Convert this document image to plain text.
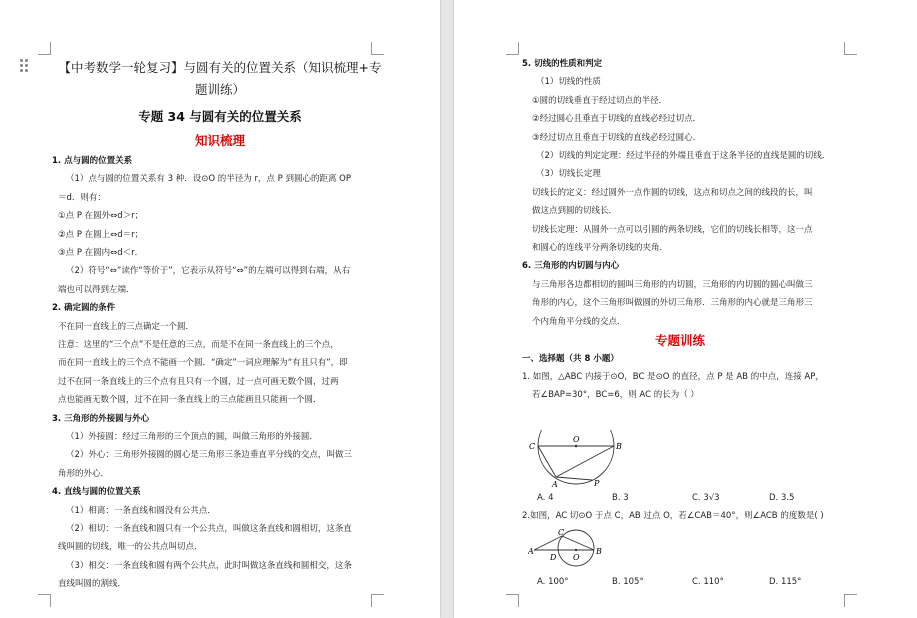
【中考数学一轮复习】与圆有关的位置关系（知识梳理+专
题训练）
专题 34 与圆有关的位置关系
知识梳理
1. 点与圆的位置关系
（1）点与圆的位置关系有 3 种．设⊙O 的半径为 r，点 P 到圆心的距离 OP
＝d．则有：
①点 P 在圆外⇔d＞r；
②点 P 在圆上⇔d＝r；
③点 P 在圆内⇔d＜r．
（2）符号“⇔”读作“等价于”，它表示从符号“⇔”的左端可以得到右端，从右
端也可以得到左端．
2. 确定圆的条件
不在同一直线上的三点确定一个圆．
注意：这里的“三个点”不是任意的三点，而是不在同一条直线上的三个点，
而在同一直线上的三个点不能画一个圆．“确定”一词应理解为“有且只有”，即
过不在同一条直线上的三个点有且只有一个圆，过一点可画无数个圆，过两
点也能画无数个圆，过不在同一条直线上的三点能画且只能画一个圆．
3. 三角形的外接圆与外心
（1）外接圆：经过三角形的三个顶点的圆，叫做三角形的外接圆．
（2）外心：三角形外接圆的圆心是三角形三条边垂直平分线的交点，叫做三
角形的外心．
4. 直线与圆的位置关系
（1）相离：一条直线和圆没有公共点．
（2）相切：一条直线和圆只有一个公共点，叫做这条直线和圆相切，这条直
线叫圆的切线，唯一的公共点叫切点．
（3）相交：一条直线和圆有两个公共点，此时叫做这条直线和圆相交，这条
直线叫圆的割线．
专题训练
一、选择题（共 8 小题）
1. 如图，△ABC 内接于⊙O，BC 是⊙O 的直径，点 P 是 AB 的中点，连接 AP，
若∠BAP=30°，BC=6，则 AC 的长为（ ）
C
O
B
A	P
A. 4	B. 3	C. 3√3	D. 3.5
2.如图，AC 切⊙O 于点 C，AB 过点 O，若∠CAB＝40°，则∠ACB 的度数是( )
A
C
D O
B
A. 100°	B. 105°	C. 110°	D. 115°
5. 切线的性质和判定
（1）切线的性质
①圆的切线垂直于经过切点的半径．
②经过圆心且垂直于切线的直线必经过切点．
③经过切点且垂直于切线的直线必经过圆心．
（2）切线的判定定理：经过半径的外端且垂直于这条半径的直线是圆的切线．
（3）切线长定理
切线长的定义：经过圆外一点作圆的切线，这点和切点之间的线段的长，叫
做这点到圆的切线长．
切线长定理：从圆外一点可以引圆的两条切线，它们的切线长相等，这一点
和圆心的连线平分两条切线的夹角．
6. 三角形的内切圆与内心
与三角形各边都相切的圆叫三角形的内切圆，三角形的内切圆的圆心叫做三
角形的内心，这个三角形叫做圆的外切三角形．三角形的内心就是三角形三
个内角角平分线的交点．
